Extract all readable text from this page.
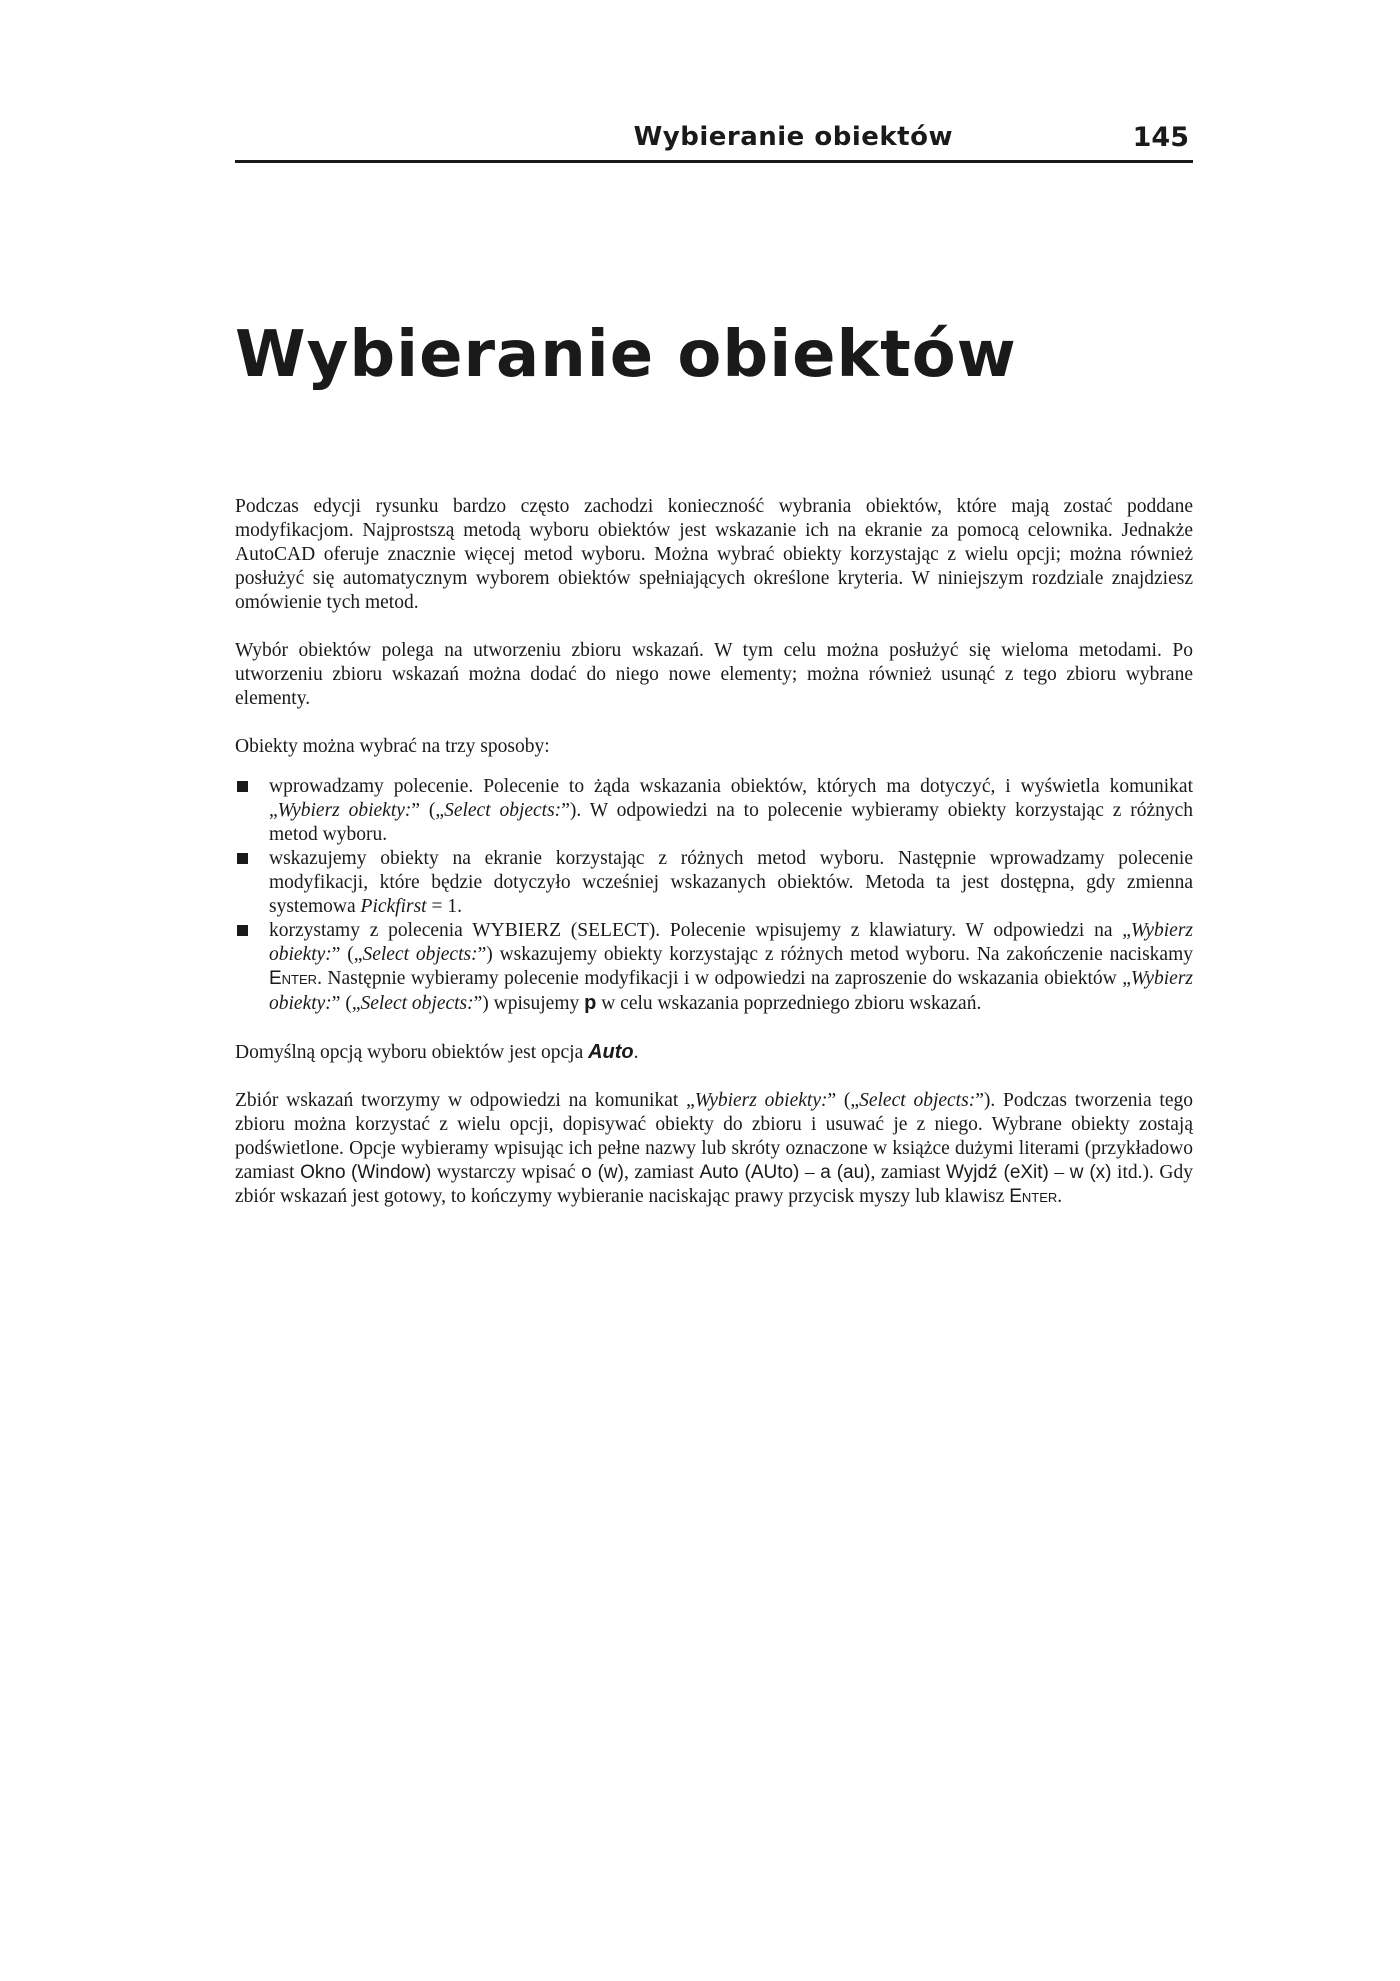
Wybieranie obiektów	145
Wybieranie obiektów

Podczas edycji rysunku bardzo często zachodzi konieczność wybrania obiektów, które mają zostać poddane modyfikacjom. Najprostszą metodą wyboru obiektów jest wskazanie ich na ekranie za pomocą celownika. Jednakże AutoCAD oferuje znacznie więcej metod wyboru. Można wybrać obiekty korzystając z wielu opcji; można również posłużyć się automatycznym wyborem obiektów spełniających określone kryteria. W niniejszym rozdziale znajdziesz omówienie tych metod.

Wybór obiektów polega na utworzeniu zbioru wskazań. W tym celu można posłużyć się wieloma metodami. Po utworzeniu zbioru wskazań można dodać do niego nowe elementy; można również usunąć z tego zbioru wybrane elementy.

Obiekty można wybrać na trzy sposoby:

wprowadzamy polecenie. Polecenie to żąda wskazania obiektów, których ma dotyczyć, i wyświetla komunikat „Wybierz obiekty:” („Select objects:”). W odpowiedzi na to polecenie wybieramy obiekty korzystając z różnych metod wyboru.
wskazujemy obiekty na ekranie korzystając z różnych metod wyboru. Następnie wprowadzamy polecenie modyfikacji, które będzie dotyczyło wcześniej wskazanych obiektów. Metoda ta jest dostępna, gdy zmienna systemowa Pickfirst = 1.
korzystamy z polecenia WYBIERZ (SELECT). Polecenie wpisujemy z klawiatury. W odpowiedzi na „Wybierz obiekty:” („Select objects:”) wskazujemy obiekty korzystając z różnych metod wyboru. Na zakończenie naciskamy Enter. Następnie wybieramy polecenie modyfikacji i w odpowiedzi na zaproszenie do wskazania obiektów „Wybierz obiekty:” („Select objects:”) wpisujemy p w celu wskazania poprzedniego zbioru wskazań.

Domyślną opcją wyboru obiektów jest opcja Auto.

Zbiór wskazań tworzymy w odpowiedzi na komunikat „Wybierz obiekty:” („Select objects:”). Podczas tworzenia tego zbioru można korzystać z wielu opcji, dopisywać obiekty do zbioru i usuwać je z niego. Wybrane obiekty zostają podświetlone. Opcje wybieramy wpisując ich pełne nazwy lub skróty oznaczone w książce dużymi literami (przykładowo zamiast Okno (Window) wystarczy wpisać o (w), zamiast Auto (AUto) – a (au), zamiast Wyjdź (eXit) – w (x) itd.). Gdy zbiór wskazań jest gotowy, to kończymy wybieranie naciskając prawy przycisk myszy lub klawisz Enter.
